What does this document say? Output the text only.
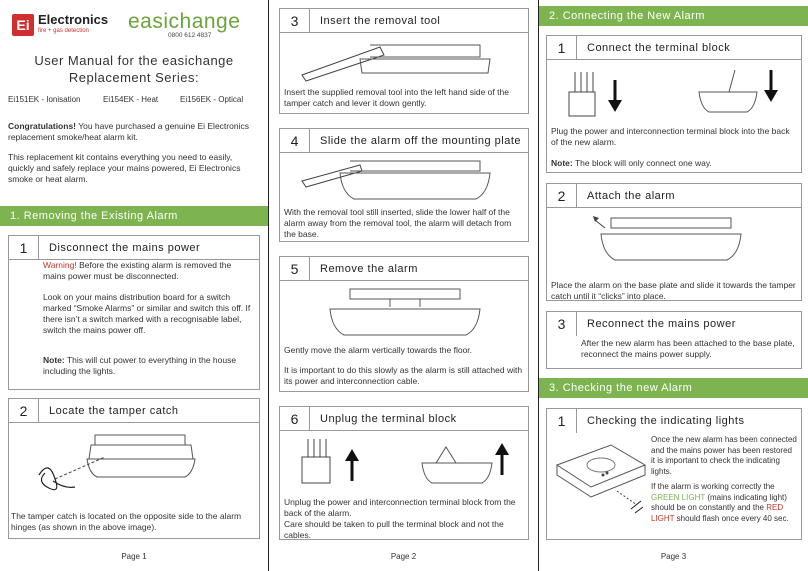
Ei Electronics
fire + gas detection easichange
0800 612 4837
User Manual for the easichange
Replacement Series:
Ei151EK - Ionisation	Ei154EK - Heat	Ei156EK - Optical
Congratulations! You have purchased a genuine Ei Electronics replacement smoke/heat alarm kit.
This replacement kit contains everything you need to easily, quickly and safely replace your mains powered, Ei Electronics smoke or heat alarm.
1. Removing the Existing Alarm
1	Disconnect the mains power
Warning! Before the existing alarm is removed the mains power must be disconnected.
Look on your mains distribution board for a switch marked “Smoke Alarms” or similar and switch this off. If there isn’t a switch marked with a recognisable label, switch the mains power off.
Note: This will cut power to everything in the house including the lights.
2	Locate the tamper catch
The tamper catch is located on the opposite side to the alarm hinges (as shown in the above image).
Page 1
3	Insert the removal tool
Insert the supplied removal tool into the left hand side of the tamper catch and lever it down gently.
4	Slide the alarm off the mounting plate
With the removal tool still inserted, slide the lower half of the alarm away from the removal tool, the alarm will detach from the base.
5	Remove the alarm
Gently move the alarm vertically towards the floor.
It is important to do this slowly as the alarm is still attached with its power and interconnection cable.
6	Unplug the terminal block
Unplug the power and interconnection terminal block from the back of the alarm.
Care should be taken to pull the terminal block and not the cables.
Page 2
2. Connecting the New Alarm
1	Connect the terminal block
Plug the power and interconnection terminal block into the back of the new alarm.
Note: The block will only connect one way.
2	Attach the alarm
Place the alarm on the base plate and slide it towards the tamper catch until it “clicks” into place.
3	Reconnect the mains power
After the new alarm has been attached to the base plate, reconnect the mains power supply.
3. Checking the new Alarm
1	Checking the indicating lights
Once the new alarm has been connected and the mains power has been restored it is important to check the indicating lights.
If the alarm is working correctly the GREEN LIGHT (mains indicating light) should be on constantly and the RED LIGHT should flash once every 40 sec.
Page 3
